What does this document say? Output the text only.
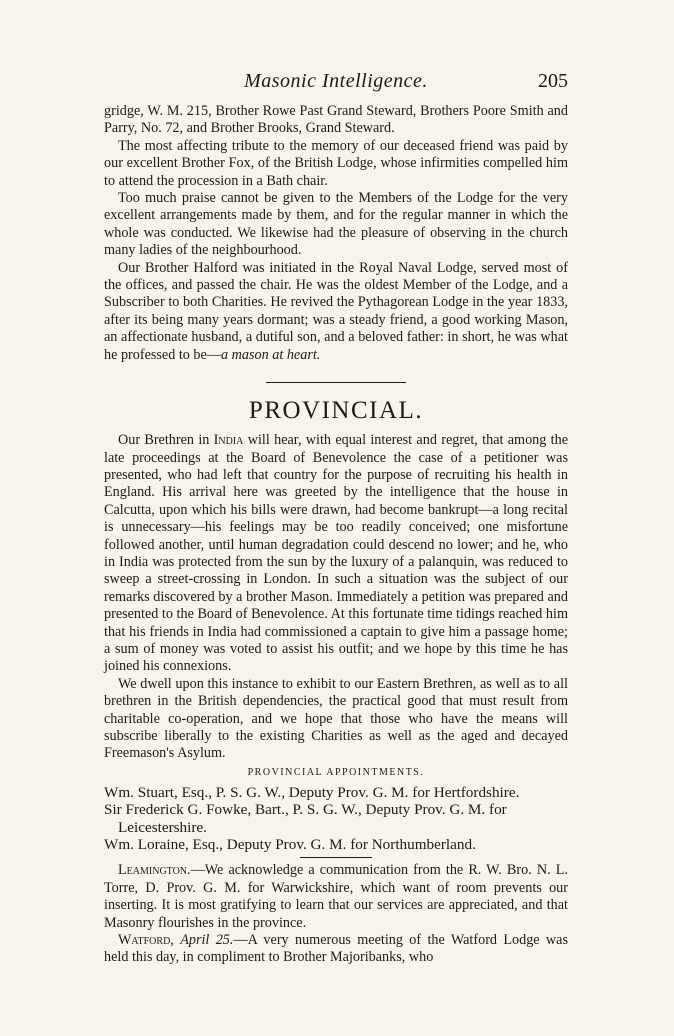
Masonic Intelligence.	205

gridge, W. M. 215, Brother Rowe Past Grand Steward, Brothers Poore Smith and Parry, No. 72, and Brother Brooks, Grand Steward.

The most affecting tribute to the memory of our deceased friend was paid by our excellent Brother Fox, of the British Lodge, whose infirmities compelled him to attend the procession in a Bath chair.

Too much praise cannot be given to the Members of the Lodge for the very excellent arrangements made by them, and for the regular manner in which the whole was conducted. We likewise had the pleasure of observing in the church many ladies of the neighbourhood.

Our Brother Halford was initiated in the Royal Naval Lodge, served most of the offices, and passed the chair. He was the oldest Member of the Lodge, and a Subscriber to both Charities. He revived the Pythagorean Lodge in the year 1833, after its being many years dormant; was a steady friend, a good working Mason, an affectionate husband, a dutiful son, and a beloved father: in short, he was what he professed to be—a mason at heart.

PROVINCIAL.

Our Brethren in India will hear, with equal interest and regret, that among the late proceedings at the Board of Benevolence the case of a petitioner was presented, who had left that country for the purpose of recruiting his health in England. His arrival here was greeted by the intelligence that the house in Calcutta, upon which his bills were drawn, had become bankrupt—a long recital is unnecessary—his feelings may be too readily conceived; one misfortune followed another, until human degradation could descend no lower; and he, who in India was protected from the sun by the luxury of a palanquin, was reduced to sweep a street-crossing in London. In such a situation was the subject of our remarks discovered by a brother Mason. Immediately a petition was prepared and presented to the Board of Benevolence. At this fortunate time tidings reached him that his friends in India had commissioned a captain to give him a passage home; a sum of money was voted to assist his outfit; and we hope by this time he has joined his connexions.

We dwell upon this instance to exhibit to our Eastern Brethren, as well as to all brethren in the British dependencies, the practical good that must result from charitable co-operation, and we hope that those who have the means will subscribe liberally to the existing Charities as well as the aged and decayed Freemason's Asylum.

PROVINCIAL APPOINTMENTS.

Wm. Stuart, Esq., P. S. G. W., Deputy Prov. G. M. for Hertfordshire.

Sir Frederick G. Fowke, Bart., P. S. G. W., Deputy Prov. G. M. for Leicestershire.

Wm. Loraine, Esq., Deputy Prov. G. M. for Northumberland.

Leamington.—We acknowledge a communication from the R. W. Bro. N. L. Torre, D. Prov. G. M. for Warwickshire, which want of room prevents our inserting. It is most gratifying to learn that our services are appreciated, and that Masonry flourishes in the province.

Watford, April 25.—A very numerous meeting of the Watford Lodge was held this day, in compliment to Brother Majoribanks, who
